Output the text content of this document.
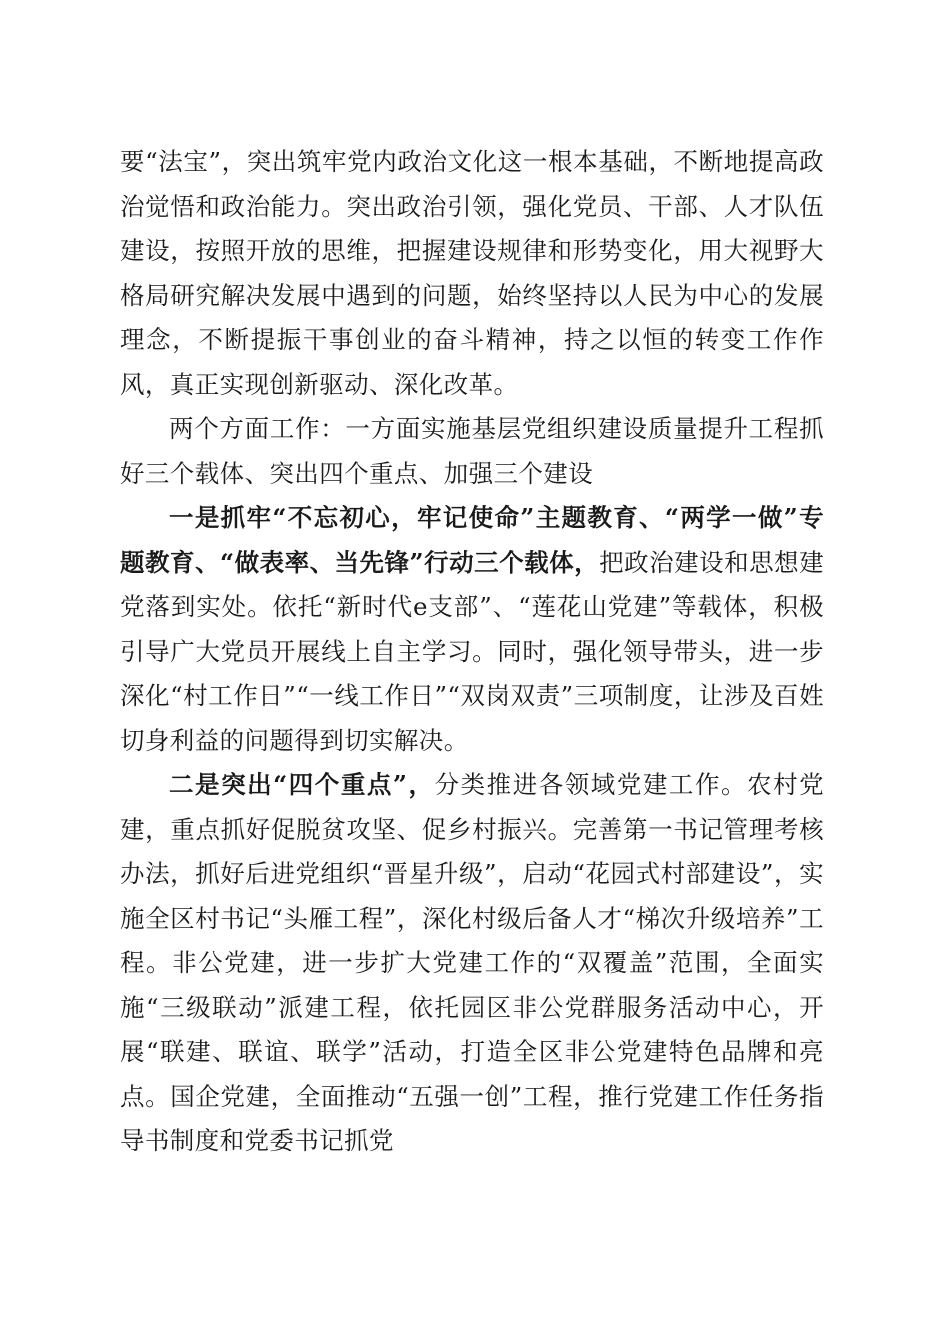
要“法宝”，突出筑牢党内政治文化这一根本基础，不断地提高政治觉悟和政治能力。突出政治引领，强化党员、干部、人才队伍建设，按照开放的思维，把握建设规律和形势变化，用大视野大格局研究解决发展中遇到的问题，始终坚持以人民为中心的发展理念，不断提振干事创业的奋斗精神，持之以恒的转变工作作风，真正实现创新驱动、深化改革。

两个方面工作：一方面实施基层党组织建设质量提升工程抓好三个载体、突出四个重点、加强三个建设

一是抓牢“不忘初心，牢记使命”主题教育、“两学一做”专题教育、“做表率、当先锋”行动三个载体，把政治建设和思想建党落到实处。依托“新时代e支部”、“莲花山党建”等载体，积极引导广大党员开展线上自主学习。同时，强化领导带头，进一步深化“村工作日”“一线工作日”“双岗双责”三项制度，让涉及百姓切身利益的问题得到切实解决。

二是突出“四个重点”，分类推进各领域党建工作。农村党建，重点抓好促脱贫攻坚、促乡村振兴。完善第一书记管理考核办法，抓好后进党组织“晋星升级”，启动“花园式村部建设”，实施全区村书记“头雁工程”，深化村级后备人才“梯次升级培养”工程。非公党建，进一步扩大党建工作的“双覆盖”范围，全面实施“三级联动”派建工程，依托园区非公党群服务活动中心，开展“联建、联谊、联学”活动，打造全区非公党建特色品牌和亮点。国企党建，全面推动“五强一创”工程，推行党建工作任务指导书制度和党委书记抓党
